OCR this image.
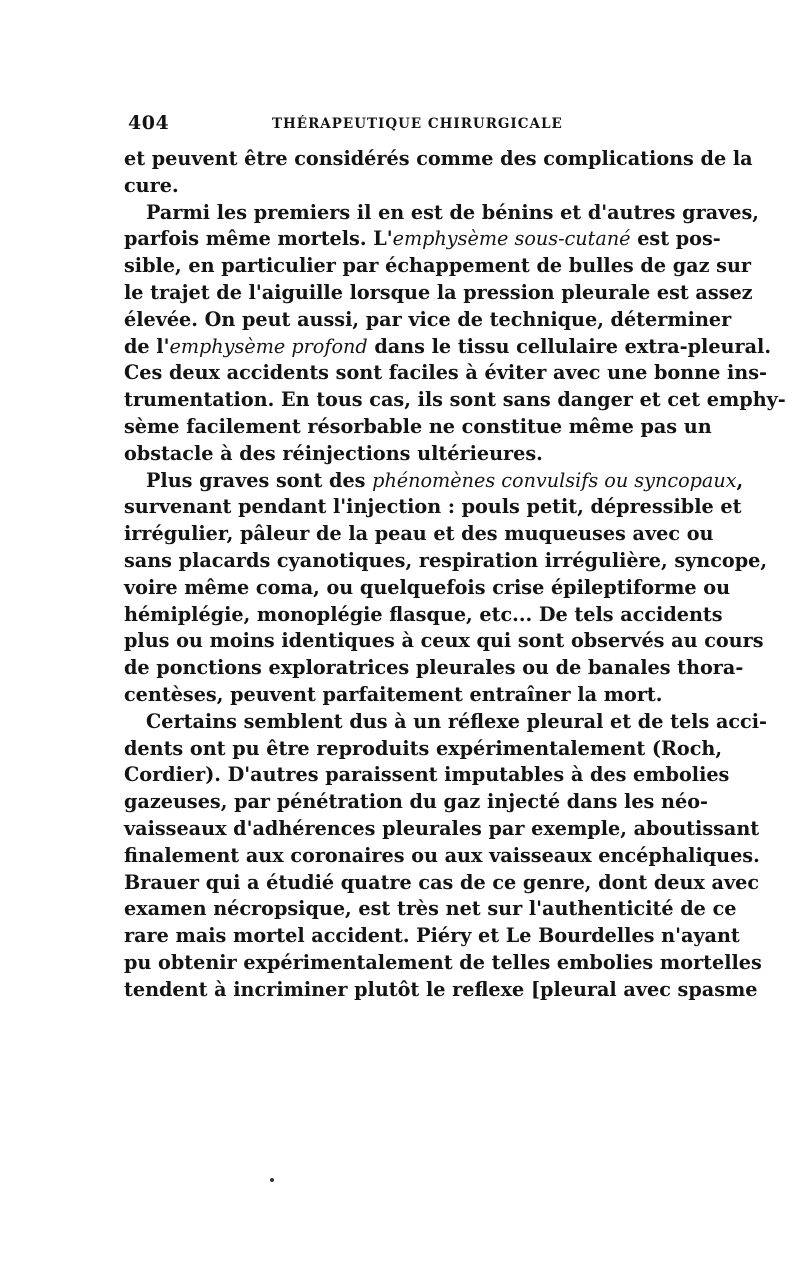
404	THÉRAPEUTIQUE CHIRURGICALE
et peuvent être considérés comme des complications de la
cure.
Parmi les premiers il en est de bénins et d'autres graves,
parfois même mortels. L'emphysème sous-cutané est pos-
sible, en particulier par échappement de bulles de gaz sur
le trajet de l'aiguille lorsque la pression pleurale est assez
élevée. On peut aussi, par vice de technique, déterminer
de l'emphysème profond dans le tissu cellulaire extra-pleural.
Ces deux accidents sont faciles à éviter avec une bonne ins-
trumentation. En tous cas, ils sont sans danger et cet emphy-
sème facilement résorbable ne constitue même pas un
obstacle à des réinjections ultérieures.
Plus graves sont des phénomènes convulsifs ou syncopaux,
survenant pendant l'injection : pouls petit, dépressible et
irrégulier, pâleur de la peau et des muqueuses avec ou
sans placards cyanotiques, respiration irrégulière, syncope,
voire même coma, ou quelquefois crise épileptiforme ou
hémiplégie, monoplégie flasque, etc... De tels accidents
plus ou moins identiques à ceux qui sont observés au cours
de ponctions exploratrices pleurales ou de banales thora-
centèses, peuvent parfaitement entraîner la mort.
Certains semblent dus à un réflexe pleural et de tels acci-
dents ont pu être reproduits expérimentalement (Roch,
Cordier). D'autres paraissent imputables à des embolies
gazeuses, par pénétration du gaz injecté dans les néo-
vaisseaux d'adhérences pleurales par exemple, aboutissant
finalement aux coronaires ou aux vaisseaux encéphaliques.
Brauer qui a étudié quatre cas de ce genre, dont deux avec
examen nécropsique, est très net sur l'authenticité de ce
rare mais mortel accident. Piéry et Le Bourdelles n'ayant
pu obtenir expérimentalement de telles embolies mortelles
tendent à incriminer plutôt le reflexe [pleural avec spasme
